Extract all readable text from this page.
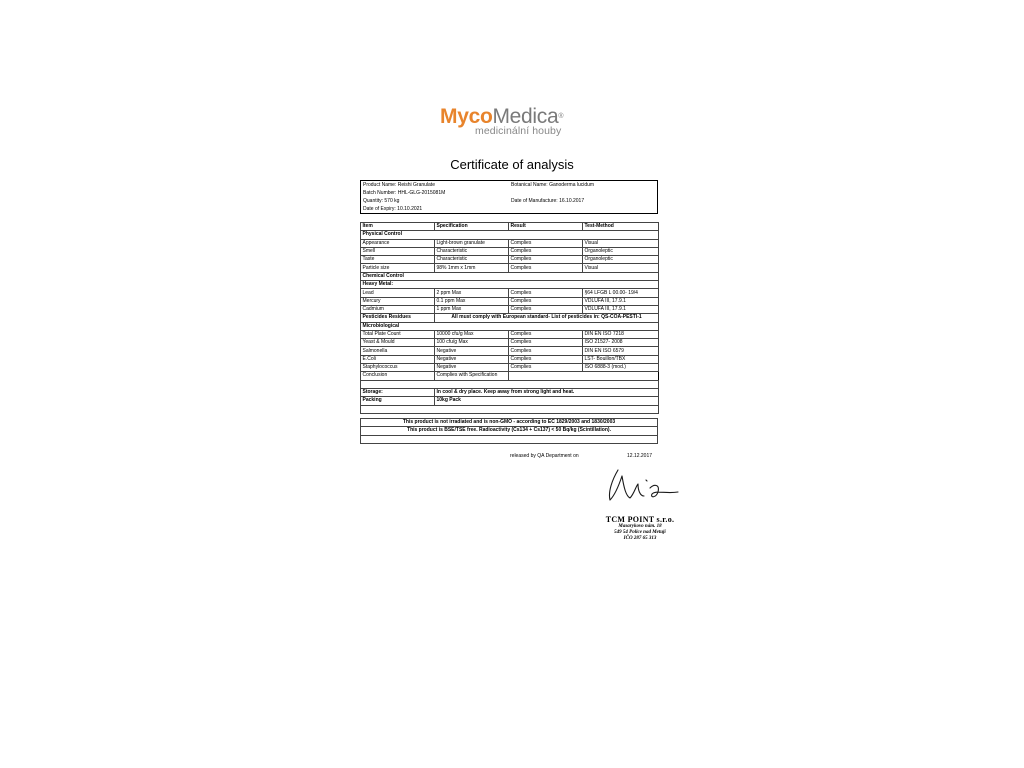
MycoMedica®
medicinální houby
Certificate of analysis
Product Name: Reishi Granulate	Botanical Name: Ganoderma lucidum
Batch Number: HHL-GLG-2015081M
Quantity: 570 kg	Date of Manufacture: 16.10.2017
Date of Expiry: 10.10.2021
Item	Specification	Result	Test-Method
Physical Control			
Appearance	Light-brown granulate	Complies	Visual
Smell	Characteristic	Complies	Organoleptic
Taste	Characteristic	Complies	Organoleptic
Particle size	98% 1mm x 1mm	Complies	Visual
Chemical Control			
Heavy Metal:			
Lead	2 ppm Max	Complies	§64 LFGB L 00.00- 19/4
Mercury	0.1 ppm Max	Complies	VDLUFA III, 17.9.1
Cadmium	1 ppm Max	Complies	VDLUFA III, 17.9.1
Pesticides Residues	All must comply with European standard- List of pesticides in: QS-COA-PESTI-1		
Microbiological			
Total Plate Count	10000 cfu/g Max	Complies	DIN EN ISO 7218
Yeast & Mould	100 cfu/g Max	Complies	ISO 21527- 2008
Salmonella	Negative	Complies	DIN EN ISO 6579
E.Coli	Negative	Complies	LST- Bouillon/TBX
Staphylococcus	Negative	Complies	ISO 6888-3 (mod.)
Conclusion	Complies with Specification		

Storage:	In cool & dry place. Keep away from strong light and heat.		
Packing	10kg Pack		

This product is not irradiated and is non-GMO - according to EC 1829/2003 and 1830/2003
This product is BSE/TSE free. Radioactivity (Cs134 + Cs137) < 50 Bq/kg (Scintillation).

released by QA Department on	12.12.2017
TCM POINT s.r.o.
Masarykovo nám. 18
549 54 Police nad Metují
IČO 287 65 313
